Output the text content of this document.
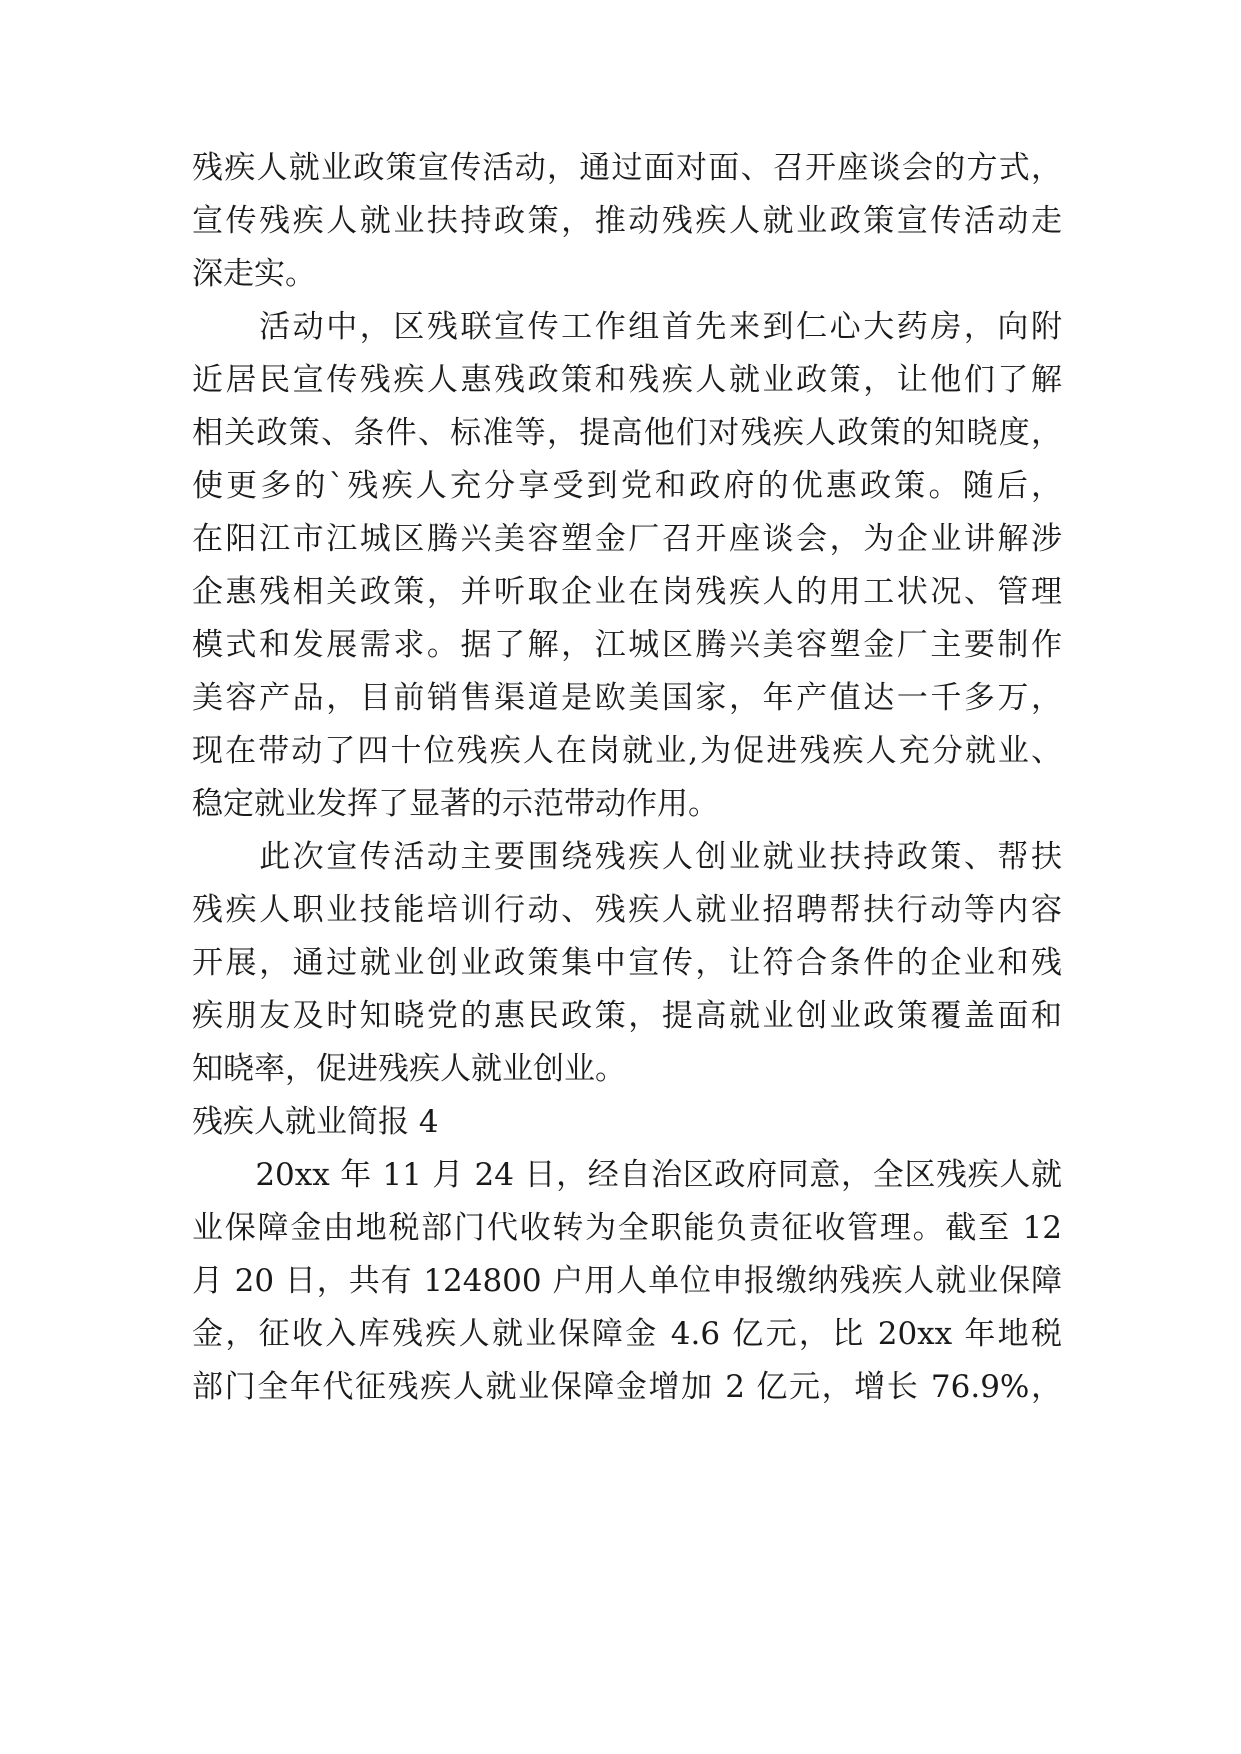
残疾人就业政策宣传活动，通过面对面、召开座谈会的方式，
宣传残疾人就业扶持政策，推动残疾人就业政策宣传活动走
深走实。
　　活动中，区残联宣传工作组首先来到仁心大药房，向附
近居民宣传残疾人惠残政策和残疾人就业政策，让他们了解
相关政策、条件、标准等，提高他们对残疾人政策的知晓度，
使更多的`残疾人充分享受到党和政府的优惠政策。随后，
在阳江市江城区腾兴美容塑金厂召开座谈会，为企业讲解涉
企惠残相关政策，并听取企业在岗残疾人的用工状况、管理
模式和发展需求。据了解，江城区腾兴美容塑金厂主要制作
美容产品，目前销售渠道是欧美国家，年产值达一千多万，
现在带动了四十位残疾人在岗就业,为促进残疾人充分就业、
稳定就业发挥了显著的示范带动作用。
　　此次宣传活动主要围绕残疾人创业就业扶持政策、帮扶
残疾人职业技能培训行动、残疾人就业招聘帮扶行动等内容
开展，通过就业创业政策集中宣传，让符合条件的企业和残
疾朋友及时知晓党的惠民政策，提高就业创业政策覆盖面和
知晓率，促进残疾人就业创业。
残疾人就业简报 4
　　20xx 年 11 月 24 日，经自治区政府同意，全区残疾人就
业保障金由地税部门代收转为全职能负责征收管理。截至 12
月 20 日，共有 124800 户用人单位申报缴纳残疾人就业保障
金，征收入库残疾人就业保障金 4.6 亿元，比 20xx 年地税
部门全年代征残疾人就业保障金增加 2 亿元，增长 76.9%，
